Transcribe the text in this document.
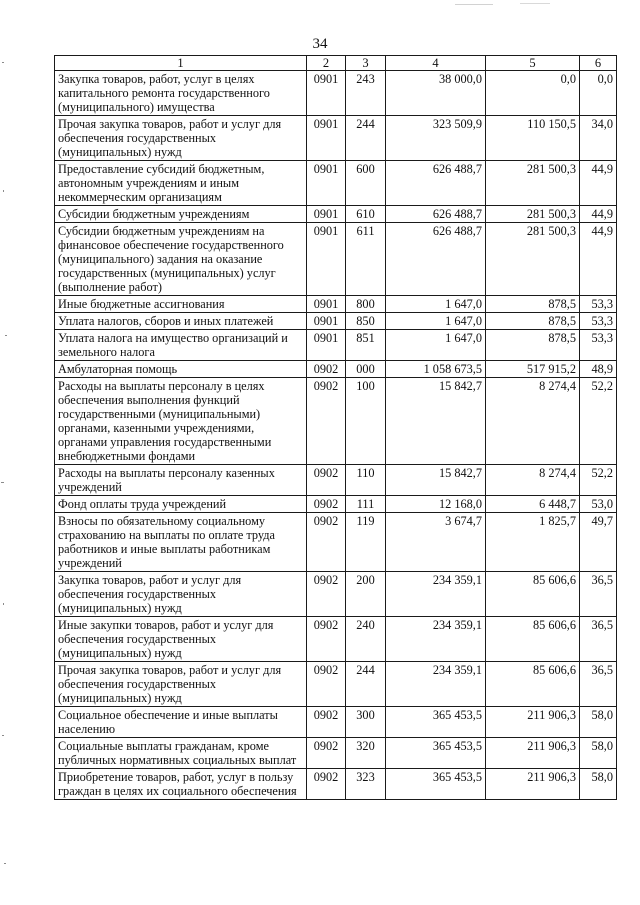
34
1	2	3	4	5	6
Закупка товаров, работ, услуг в целях капитального ремонта государственного (муниципального) имущества	0901	243	38 000,0	0,0	0,0
Прочая закупка товаров, работ и услуг для обеспечения государственных (муниципальных) нужд	0901	244	323 509,9	110 150,5	34,0
Предоставление субсидий бюджетным, автономным учреждениям и иным некоммерческим организациям	0901	600	626 488,7	281 500,3	44,9
Субсидии бюджетным учреждениям	0901	610	626 488,7	281 500,3	44,9
Субсидии бюджетным учреждениям на финансовое обеспечение государственного (муниципального) задания на оказание государственных (муниципальных) услуг (выполнение работ)	0901	611	626 488,7	281 500,3	44,9
Иные бюджетные ассигнования	0901	800	1 647,0	878,5	53,3
Уплата налогов, сборов и иных платежей	0901	850	1 647,0	878,5	53,3
Уплата налога на имущество организаций и земельного налога	0901	851	1 647,0	878,5	53,3
Амбулаторная помощь	0902	000	1 058 673,5	517 915,2	48,9
Расходы на выплаты персоналу в целях обеспечения выполнения функций государственными (муниципальными) органами, казенными учреждениями, органами управления государственными внебюджетными фондами	0902	100	15 842,7	8 274,4	52,2
Расходы на выплаты персоналу казенных учреждений	0902	110	15 842,7	8 274,4	52,2
Фонд оплаты труда учреждений	0902	111	12 168,0	6 448,7	53,0
Взносы по обязательному социальному страхованию на выплаты по оплате труда работников и иные выплаты работникам учреждений	0902	119	3 674,7	1 825,7	49,7
Закупка товаров, работ и услуг для обеспечения государственных (муниципальных) нужд	0902	200	234 359,1	85 606,6	36,5
Иные закупки товаров, работ и услуг для обеспечения государственных (муниципальных) нужд	0902	240	234 359,1	85 606,6	36,5
Прочая закупка товаров, работ и услуг для обеспечения государственных (муниципальных) нужд	0902	244	234 359,1	85 606,6	36,5
Социальное обеспечение и иные выплаты населению	0902	300	365 453,5	211 906,3	58,0
Социальные выплаты гражданам, кроме публичных нормативных социальных выплат	0902	320	365 453,5	211 906,3	58,0
Приобретение товаров, работ, услуг в пользу граждан в целях их социального обеспечения	0902	323	365 453,5	211 906,3	58,0
